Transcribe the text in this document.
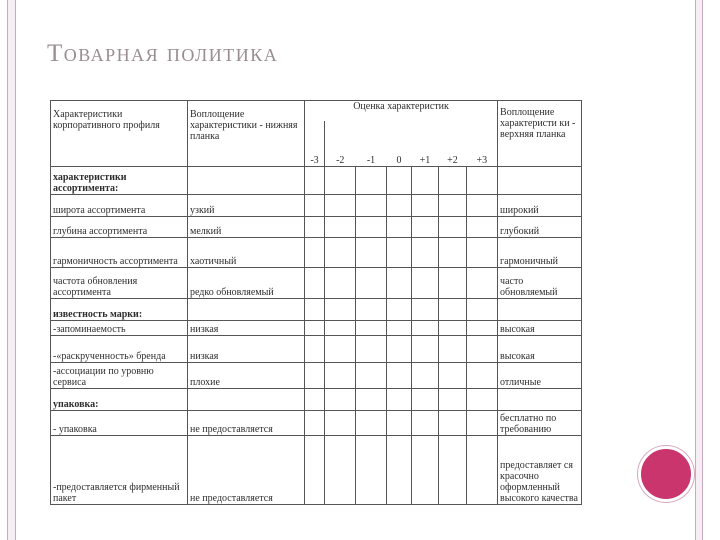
Товарная политика
Характеристики корпоративного профиля	Воплощение характеристики - нижняя планка	Оценка характеристик							Воплощение характеристи ки - верхняя планка
		-3	-2	-1	0	+1	+2	+3	
характеристики ассортимента:									
широта ассортимента	узкий								широкий
глубина ассортимента	мелкий								глубокий
гармоничность ассортимента	хаотичный								гармоничный
частота обновления ассортимента	редко обновляемый								часто обновляемый
известность марки:									
-запоминаемость	низкая								высокая
-«раскрученность» бренда	низкая								высокая
-ассоциации по уровню сервиса	плохие								отличные
упаковка:									
- упаковка	не предоставляется								бесплатно по требованию
-предоставляется фирменный пакет	не предоставляется								предоставляет ся красочно оформленный высокого качества
